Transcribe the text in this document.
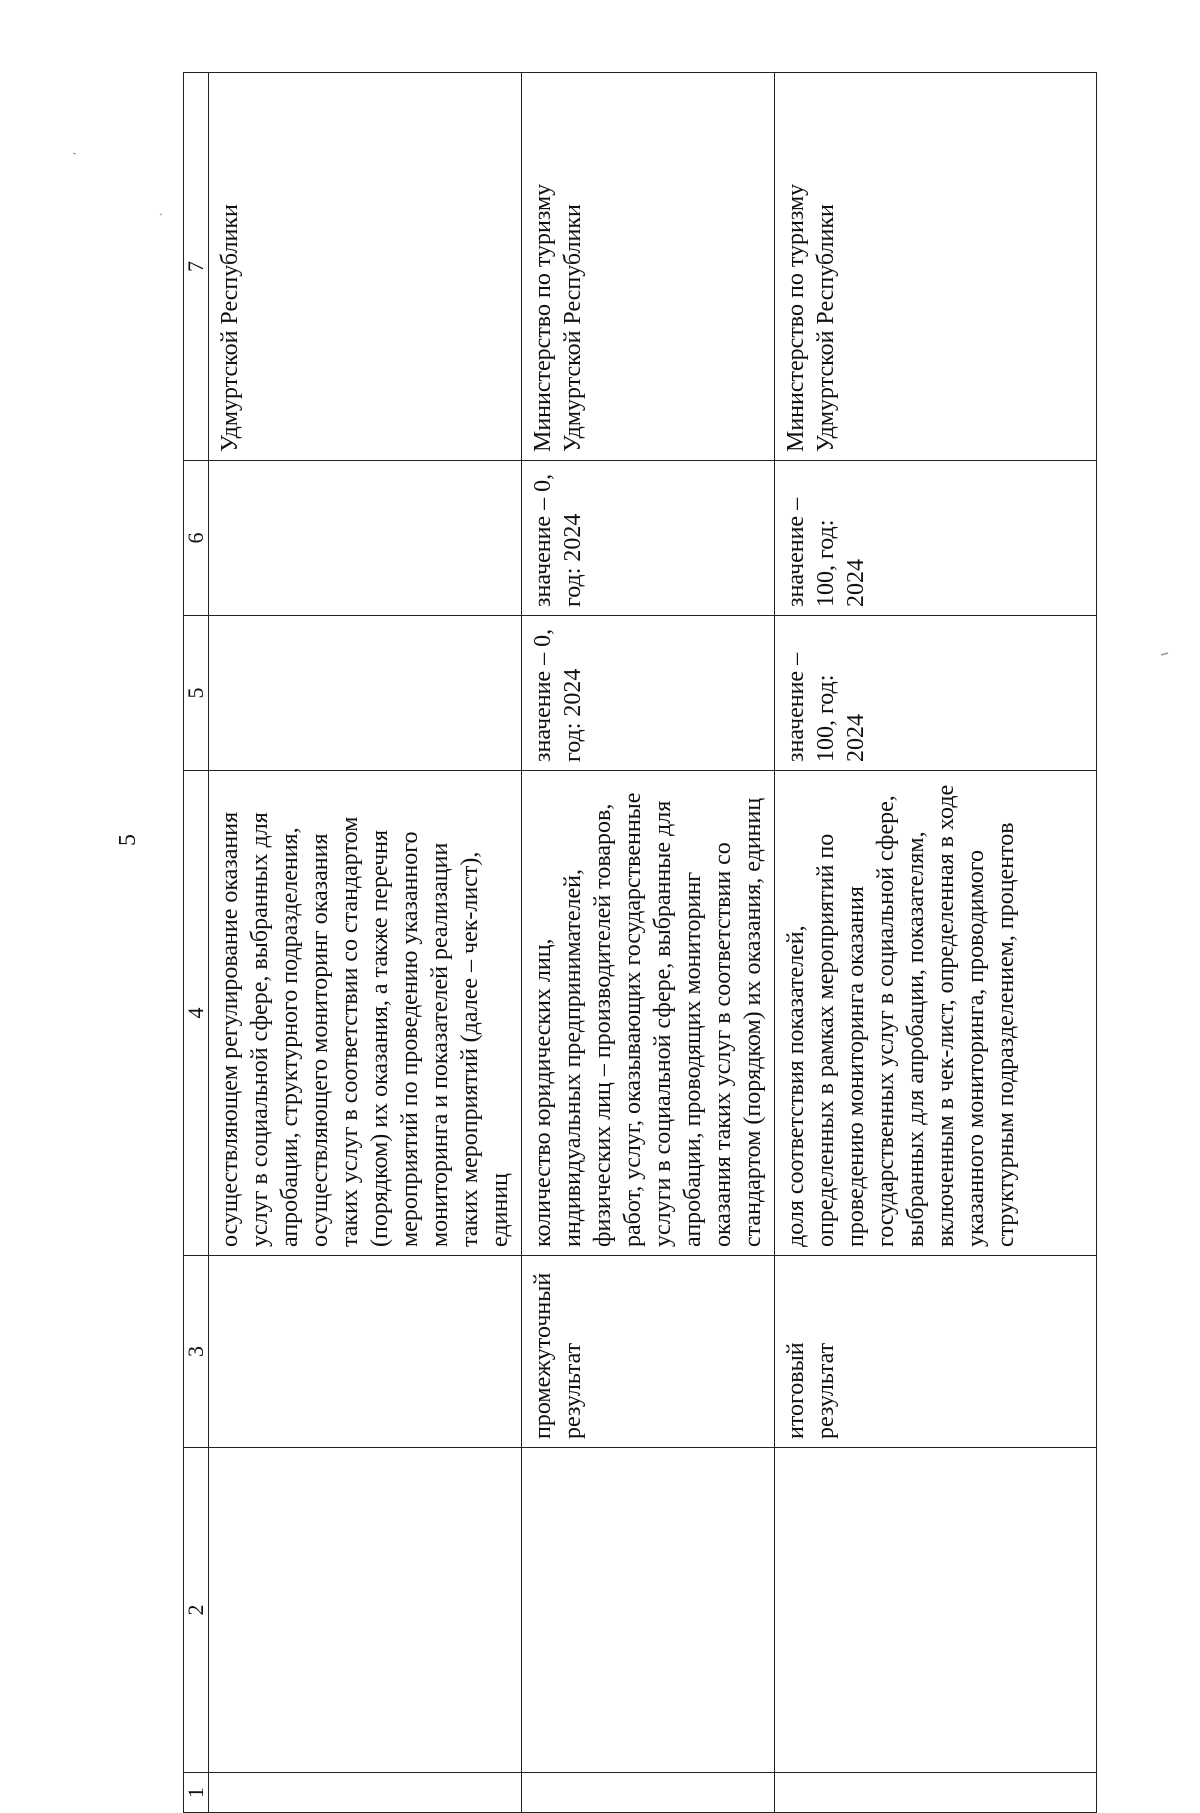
5
1	2	3	4	5	6	7
			осуществляющем регулирование оказания услуг в социальной сфере, выбранных для апробации, структурного подразделения, осуществляющего мониторинг оказания таких услуг в соответствии со стандартом (порядком) их оказания, а также перечня мероприятий по проведению указанного мониторинга и показателей реализации таких мероприятий (далее – чек-лист), единиц			Удмуртской Республики
		промежуточный результат	количество юридических лиц, индивидуальных предпринимателей, физических лиц – производителей товаров, работ, услуг, оказывающих государственные услуги в социальной сфере, выбранные для апробации, проводящих мониторинг оказания таких услуг в соответствии со стандартом (порядком) их оказания, единиц	значение – 0, год: 2024	значение – 0, год: 2024	Министерство по туризму Удмуртской Республики
		итоговый результат	доля соответствия показателей, определенных в рамках мероприятий по проведению мониторинга оказания государственных услуг в социальной сфере, выбранных для апробации, показателям, включенным в чек-лист, определенная в ходе указанного мониторинга, проводимого структурным подразделением, процентов	значение – 100, год: 2024	значение – 100, год: 2024	Министерство по туризму Удмуртской Республики
